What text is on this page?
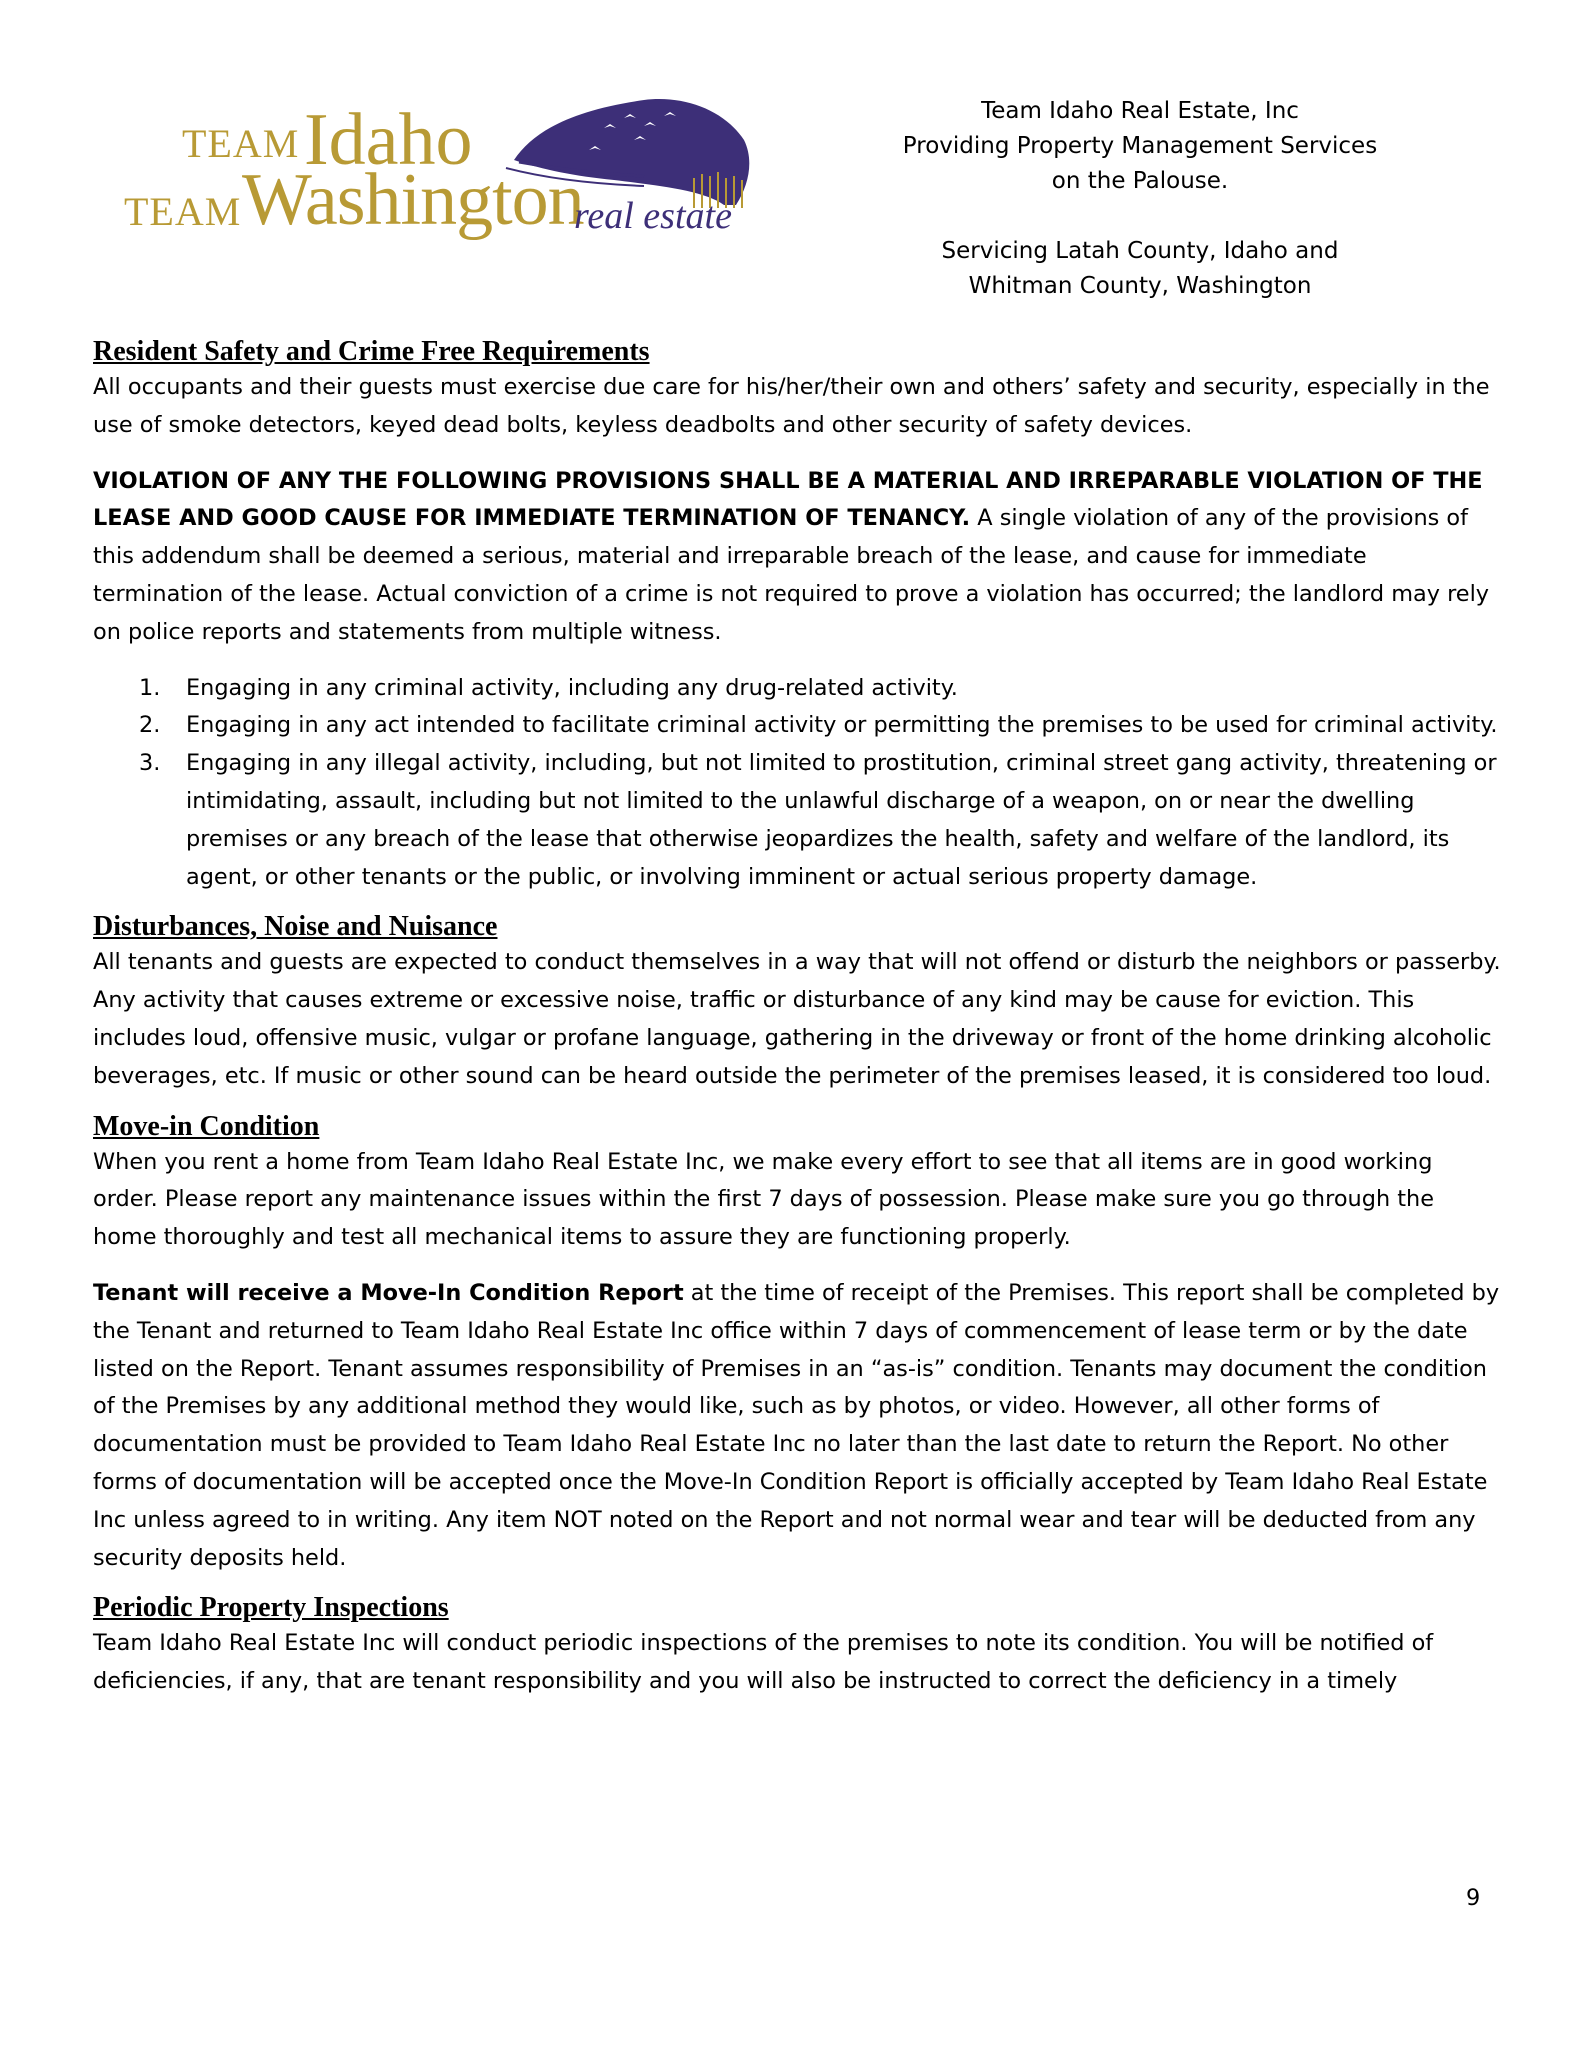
TEAM Idaho
TEAM Washington
real estate
Team Idaho Real Estate, Inc
Providing Property Management Services
on the Palouse.
Servicing Latah County, Idaho and
Whitman County, Washington
Resident Safety and Crime Free Requirements

All occupants and their guests must exercise due care for his/her/their own and others’ safety and security, especially in the use of smoke detectors, keyed dead bolts, keyless deadbolts and other security of safety devices.

VIOLATION OF ANY THE FOLLOWING PROVISIONS SHALL BE A MATERIAL AND IRREPARABLE VIOLATION OF THE LEASE AND GOOD CAUSE FOR IMMEDIATE TERMINATION OF TENANCY. A single violation of any of the provisions of this addendum shall be deemed a serious, material and irreparable breach of the lease, and cause for immediate termination of the lease. Actual conviction of a crime is not required to prove a violation has occurred; the landlord may rely on police reports and statements from multiple witness.

1. Engaging in any criminal activity, including any drug-related activity.
2. Engaging in any act intended to facilitate criminal activity or permitting the premises to be used for criminal activity.
3. Engaging in any illegal activity, including, but not limited to prostitution, criminal street gang activity, threatening or intimidating, assault, including but not limited to the unlawful discharge of a weapon, on or near the dwelling premises or any breach of the lease that otherwise jeopardizes the health, safety and welfare of the landlord, its agent, or other tenants or the public, or involving imminent or actual serious property damage.
Disturbances, Noise and Nuisance

All tenants and guests are expected to conduct themselves in a way that will not offend or disturb the neighbors or passerby. Any activity that causes extreme or excessive noise, traffic or disturbance of any kind may be cause for eviction. This includes loud, offensive music, vulgar or profane language, gathering in the driveway or front of the home drinking alcoholic beverages, etc. If music or other sound can be heard outside the perimeter of the premises leased, it is considered too loud.

Move-in Condition

When you rent a home from Team Idaho Real Estate Inc, we make every effort to see that all items are in good working order. Please report any maintenance issues within the first 7 days of possession. Please make sure you go through the home thoroughly and test all mechanical items to assure they are functioning properly.

Tenant will receive a Move-In Condition Report at the time of receipt of the Premises. This report shall be completed by the Tenant and returned to Team Idaho Real Estate Inc office within 7 days of commencement of lease term or by the date listed on the Report. Tenant assumes responsibility of Premises in an “as-is” condition. Tenants may document the condition of the Premises by any additional method they would like, such as by photos, or video. However, all other forms of documentation must be provided to Team Idaho Real Estate Inc no later than the last date to return the Report. No other forms of documentation will be accepted once the Move-In Condition Report is officially accepted by Team Idaho Real Estate Inc unless agreed to in writing. Any item NOT noted on the Report and not normal wear and tear will be deducted from any security deposits held.

Periodic Property Inspections

Team Idaho Real Estate Inc will conduct periodic inspections of the premises to note its condition. You will be notified of deficiencies, if any, that are tenant responsibility and you will also be instructed to correct the deficiency in a timely

9
